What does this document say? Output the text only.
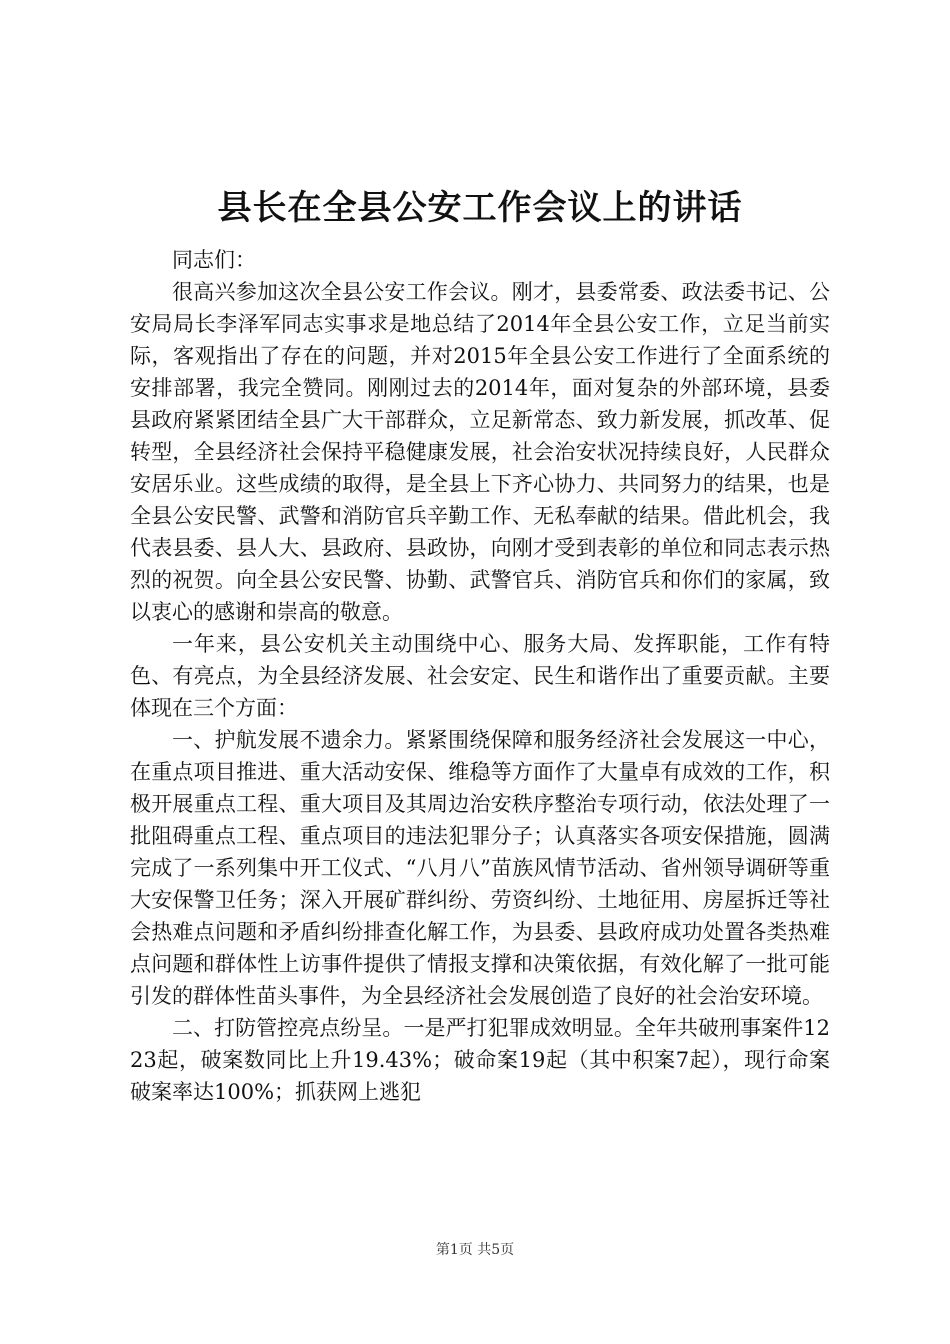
县长在全县公安工作会议上的讲话

同志们：

很高兴参加这次全县公安工作会议。刚才，县委常委、政法委书记、公安局局长李泽军同志实事求是地总结了2014年全县公安工作，立足当前实际，客观指出了存在的问题，并对2015年全县公安工作进行了全面系统的安排部署，我完全赞同。刚刚过去的2014年，面对复杂的外部环境，县委县政府紧紧团结全县广大干部群众，立足新常态、致力新发展，抓改革、促转型，全县经济社会保持平稳健康发展，社会治安状况持续良好，人民群众安居乐业。这些成绩的取得，是全县上下齐心协力、共同努力的结果，也是全县公安民警、武警和消防官兵辛勤工作、无私奉献的结果。借此机会，我代表县委、县人大、县政府、县政协，向刚才受到表彰的单位和同志表示热烈的祝贺。向全县公安民警、协勤、武警官兵、消防官兵和你们的家属，致以衷心的感谢和崇高的敬意。

一年来，县公安机关主动围绕中心、服务大局、发挥职能，工作有特色、有亮点，为全县经济发展、社会安定、民生和谐作出了重要贡献。主要体现在三个方面：

一、护航发展不遗余力。紧紧围绕保障和服务经济社会发展这一中心，在重点项目推进、重大活动安保、维稳等方面作了大量卓有成效的工作，积极开展重点工程、重大项目及其周边治安秩序整治专项行动，依法处理了一批阻碍重点工程、重点项目的违法犯罪分子；认真落实各项安保措施，圆满完成了一系列集中开工仪式、“八月八”苗族风情节活动、省州领导调研等重大安保警卫任务；深入开展矿群纠纷、劳资纠纷、土地征用、房屋拆迁等社会热难点问题和矛盾纠纷排查化解工作，为县委、县政府成功处置各类热难点问题和群体性上访事件提供了情报支撑和决策依据，有效化解了一批可能引发的群体性苗头事件，为全县经济社会发展创造了良好的社会治安环境。

二、打防管控亮点纷呈。一是严打犯罪成效明显。全年共破刑事案件1223起，破案数同比上升19.43%；破命案19起（其中积案7起），现行命案破案率达100%；抓获网上逃犯

第1页 共5页
